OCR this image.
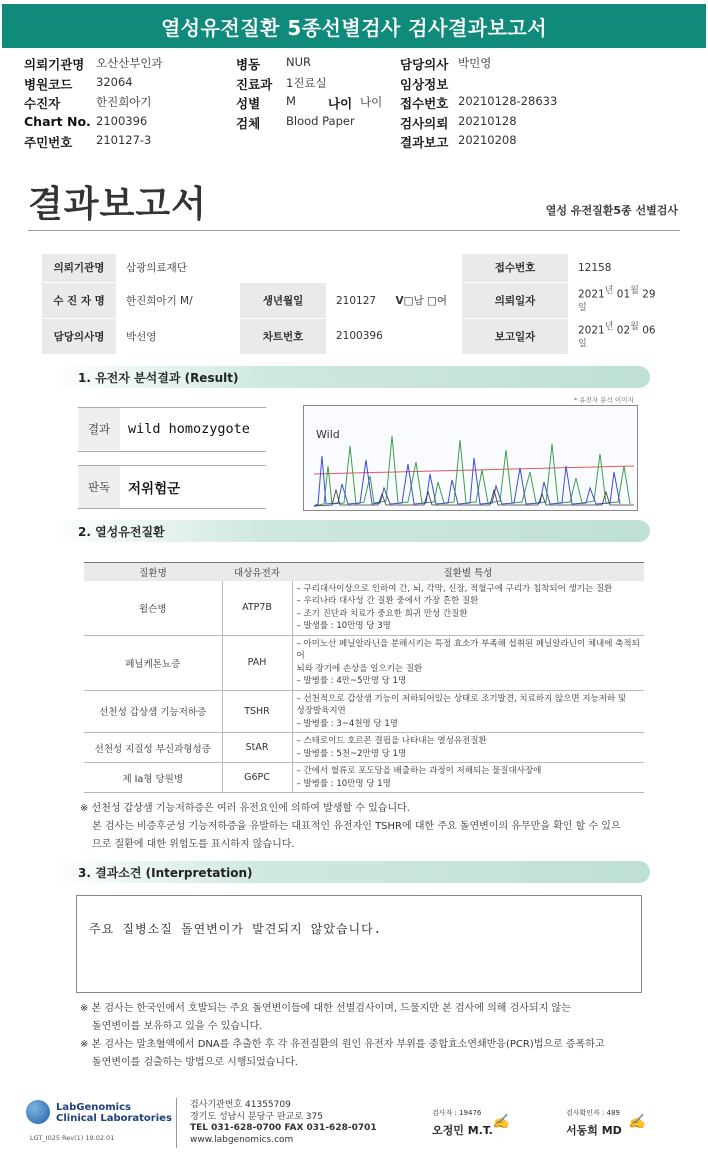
열성유전질환 5종선별검사 검사결과보고서
의뢰기관명 오산산부인과	병동 NUR	담당의사 박민영
병원코드 32064	진료과 1진료실	임상정보
수진자	한진희아기	성별 M	나이 나이 접수번호 20210128-28633
Chart No. 2100396	검체 Blood Paper	검사의뢰 20210128
주민번호 210127-3	결과보고 20210208
결과보고서	열성 유전질환5종 선별검사
의뢰기관명	삼광의료재단				접수번호	12158
수 진 자 명	한진희아기 M/	생년월일	210127 V□남 □여		의뢰일자	2021년 01월 29일
담당의사명	박선영	차트번호	2100396		보고일자	2021년 02월 06일
1. 유전자 분석결과 (Result)
결과	wild homozygote
판독	저위험군
* 유전자 분석 이미지
Wild
2. 열성유전질환
질환명	대상유전자	질환별 특성
윌슨병	ATP7B	– 구리대사이상으로 인하여 간, 뇌, 각막, 신장, 적혈구에 구리가 침착되어 생기는 질환
– 우리나라 대사성 간 질환 중에서 가장 흔한 질환
– 조기 진단과 치료가 중요한 희귀 만성 간질환
– 발생률 : 10만명 당 3명

페닐케톤뇨증	PAH	– 아미노산 페닐알라닌을 분해시키는 특정 효소가 부족해 섭취된 페닐알라닌이 체내에 축적되어
뇌와 장기에 손상을 일으키는 질환
– 발병률 : 4만~5만명 당 1명

선천성 갑상샘 기능저하증	TSHR	– 선천적으로 갑상샘 기능이 저하되어있는 상태로 조기발견, 치료하지 않으면 지능저하 및
성장발육지연
– 발병률 : 3~4천명 당 1명

선천성 지질성 부신과형성증	StAR	– 스테로이드 호르몬 결핍을 나타내는 열성유전질환
– 발병률 : 5천~2만명 당 1명

제 Ia형 당원병	G6PC	– 간에서 혈류로 포도당을 배출하는 과정이 저해되는 물질대사장애
– 발병률 : 10만명 당 1명
※ 선천성 갑상샘 기능저하증은 여러 유전요인에 의하여 발생할 수 있습니다.
본 검사는 비증후군성 기능저하증을 유발하는 대표적인 유전자인 TSHR에 대한 주요 돌연변이의 유무만을 확인 할 수 있으
므로 질환에 대한 위험도를 표시하지 않습니다.
3. 결과소견 (Interpretation)
주요 질병소질 돌연변이가 발견되지 않았습니다.
※ 본 검사는 한국인에서 호발되는 주요 돌연변이들에 대한 선별검사이며, 드물지만 본 검사에 의해 검사되지 않는
돌연변이를 보유하고 있을 수 있습니다.
※ 본 검사는 말초혈액에서 DNA를 추출한 후 각 유전질환의 원인 유전자 부위를 중합효소연쇄반응(PCR)법으로 증폭하고
돌연변이를 검출하는 방법으로 시행되었습니다.
LabGenomics
Clinical Laboratories
LGT_I025 Rev(1) 19.02.01
검사기관번호 41355709
경기도 성남시 분당구 판교로 375
TEL 031-628-0700 FAX 031-628-0701
www.labgenomics.com
검사자 : 19476
오정민 M.T.
✍
검사확인자 : 489
서동희 MD
✍
